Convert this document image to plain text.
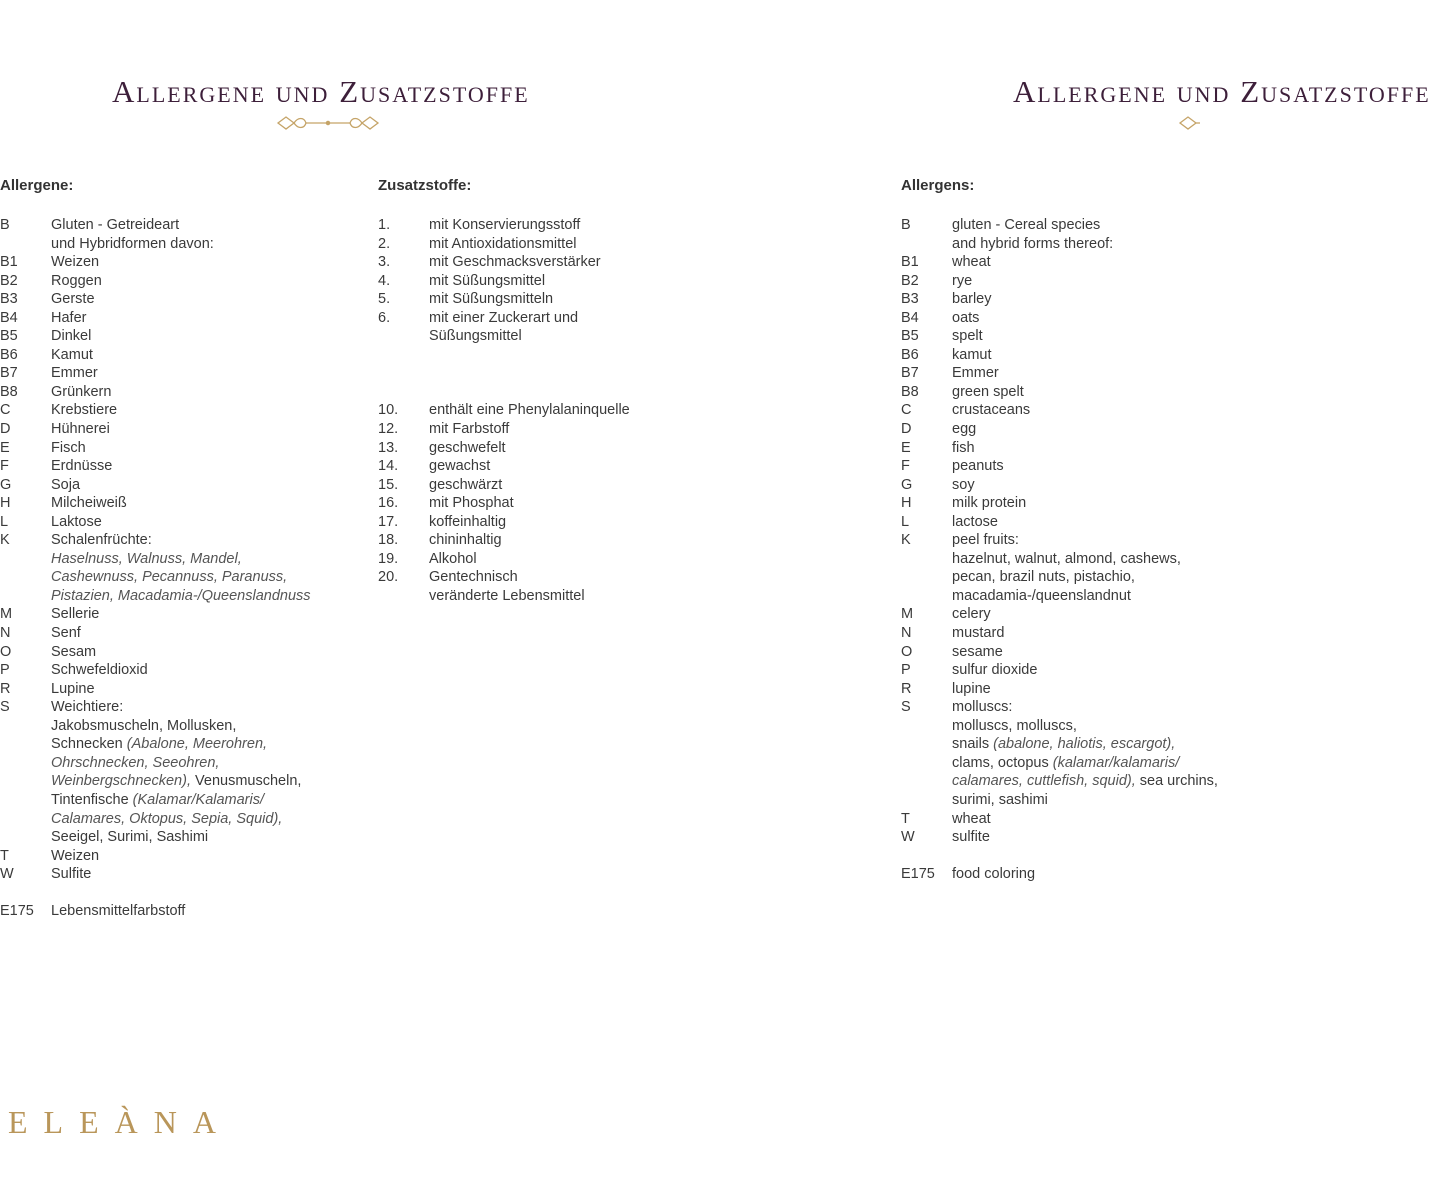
Allergene und Zusatzstoffe
Allergene:
B	Gluten - Getreideart
und Hybridformen davon:
B1	Weizen
B2	Roggen
B3	Gerste
B4	Hafer
B5	Dinkel
B6	Kamut
B7	Emmer
B8	Grünkern
C	Krebstiere
D	Hühnerei
E	Fisch
F	Erdnüsse
G	Soja
H	Milcheiweiß
L	Laktose
K	Schalenfrüchte:
Haselnuss, Walnuss, Mandel,
Cashewnuss, Pecannuss, Paranuss,
Pistazien, Macadamia-/Queenslandnuss
M	Sellerie
N	Senf
O	Sesam
P	Schwefeldioxid
R	Lupine
S	Weichtiere:
Jakobsmuscheln, Mollusken,
Schnecken (Abalone, Meerohren,
Ohrschnecken, Seeohren,
Weinbergschnecken), Venusmuscheln,
Tintenfische (Kalamar/Kalamaris/
Calamares, Oktopus, Sepia, Squid),
Seeigel, Surimi, Sashimi
T	Weizen
W	Sulfite
E175	Lebensmittelfarbstoff
Zusatzstoffe:
1.	mit Konservierungsstoff
2.	mit Antioxidationsmittel
3.	mit Geschmacksverstärker
4.	mit Süßungsmittel
5.	mit Süßungsmitteln
6.	mit einer Zuckerart und
Süßungsmittel
10.	enthält eine Phenylalaninquelle
12.	mit Farbstoff
13.	geschwefelt
14.	gewachst
15.	geschwärzt
16.	mit Phosphat
17.	koffeinhaltig
18.	chininhaltig
19.	Alkohol
20.	Gentechnisch
veränderte Lebensmittel
Allergene und Zusatzstoffe
Allergens:
B	gluten - Cereal species
and hybrid forms thereof:
B1	wheat
B2	rye
B3	barley
B4	oats
B5	spelt
B6	kamut
B7	Emmer
B8	green spelt
C	crustaceans
D	egg
E	fish
F	peanuts
G	soy
H	milk protein
L	lactose
K	peel fruits:
hazelnut, walnut, almond, cashews,
pecan, brazil nuts, pistachio,
macadamia-/queenslandnut
M	celery
N	mustard
O	sesame
P	sulfur dioxide
R	lupine
S	molluscs:
molluscs, molluscs,
snails (abalone, haliotis, escargot),
clams, octopus (kalamar/kalamaris/
calamares, cuttlefish, squid), sea urchins,
surimi, sashimi
T	wheat
W	sulfite
E175	food coloring
ELEÀNA
